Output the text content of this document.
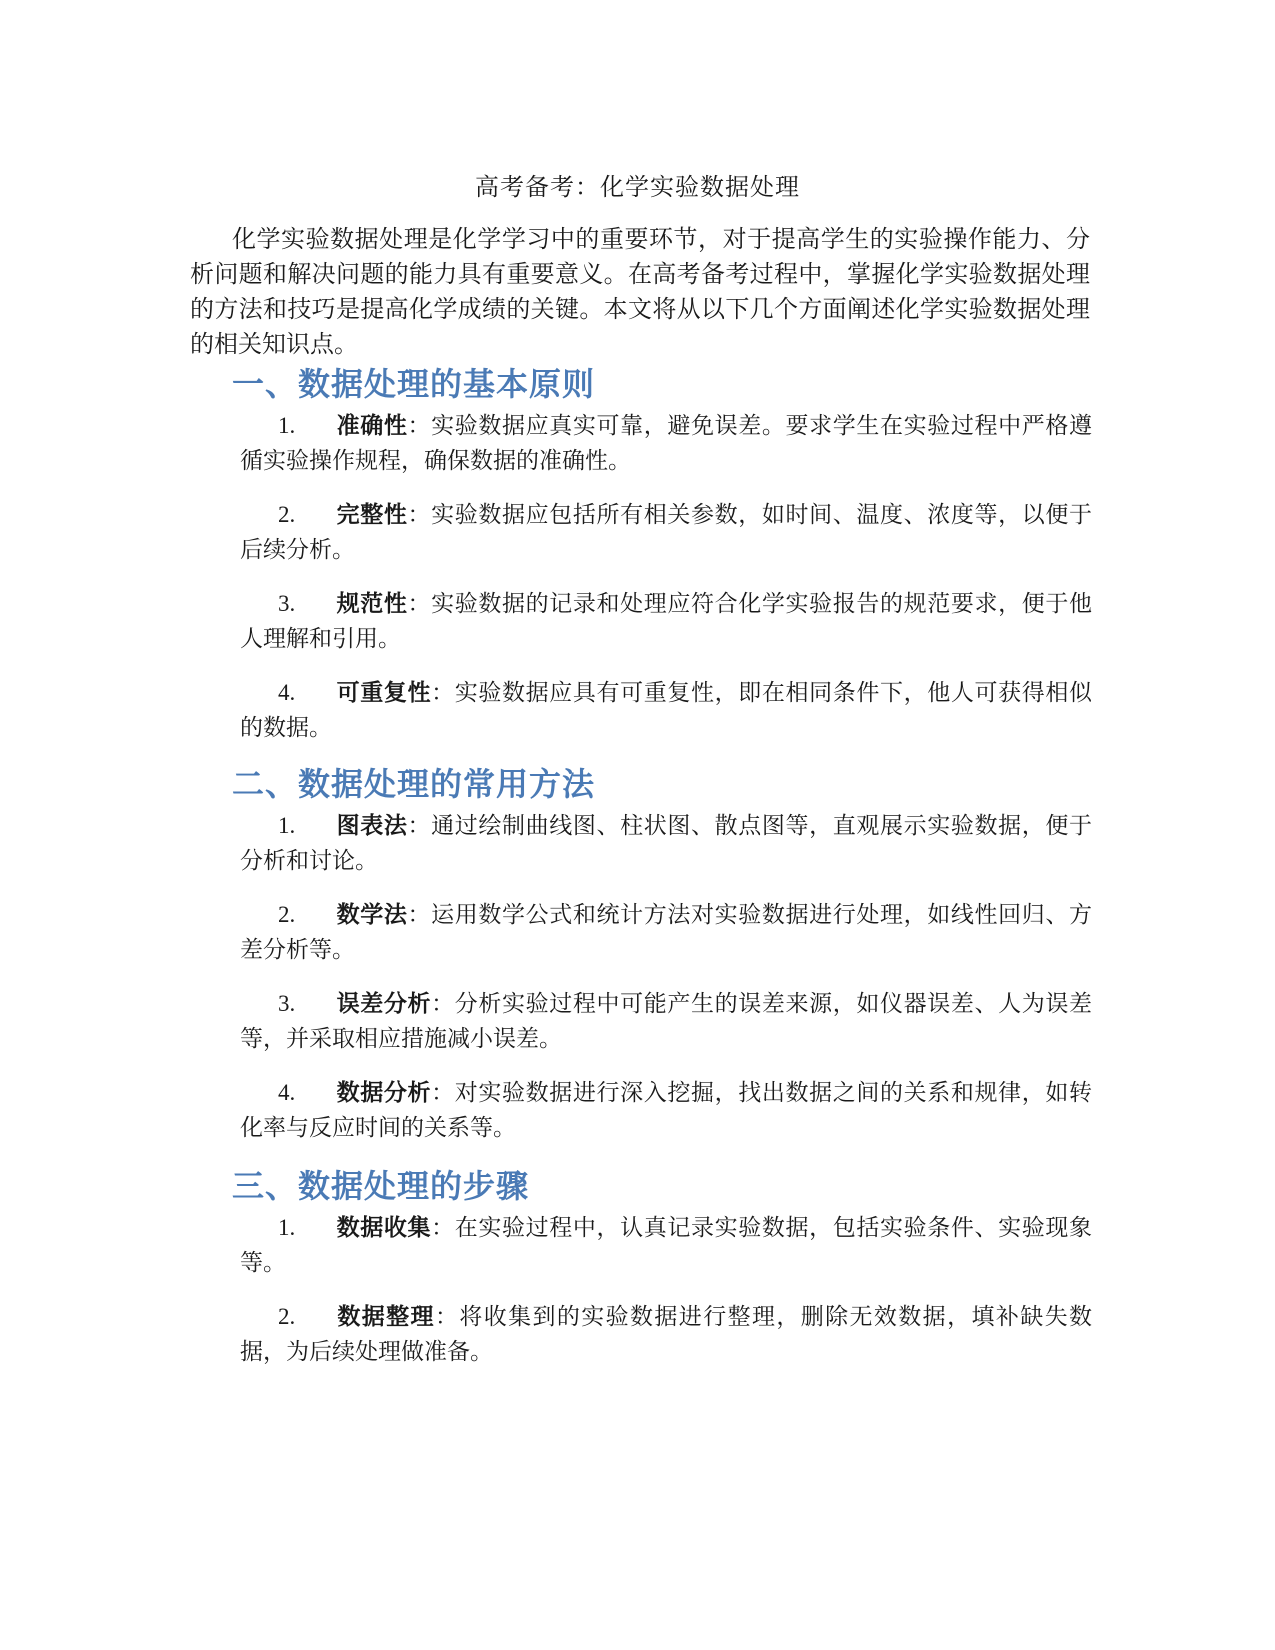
高考备考：化学实验数据处理

化学实验数据处理是化学学习中的重要环节，对于提高学生的实验操作能力、分析问题和解决问题的能力具有重要意义。在高考备考过程中，掌握化学实验数据处理的方法和技巧是提高化学成绩的关键。本文将从以下几个方面阐述化学实验数据处理的相关知识点。

一、数据处理的基本原则
1. 准确性：实验数据应真实可靠，避免误差。要求学生在实验过程中严格遵循实验操作规程，确保数据的准确性。
2. 完整性：实验数据应包括所有相关参数，如时间、温度、浓度等，以便于后续分析。
3. 规范性：实验数据的记录和处理应符合化学实验报告的规范要求，便于他人理解和引用。
4. 可重复性：实验数据应具有可重复性，即在相同条件下，他人可获得相似的数据。
二、数据处理的常用方法
1. 图表法：通过绘制曲线图、柱状图、散点图等，直观展示实验数据，便于分析和讨论。
2. 数学法：运用数学公式和统计方法对实验数据进行处理，如线性回归、方差分析等。
3. 误差分析：分析实验过程中可能产生的误差来源，如仪器误差、人为误差等，并采取相应措施减小误差。
4. 数据分析：对实验数据进行深入挖掘，找出数据之间的关系和规律，如转化率与反应时间的关系等。
三、数据处理的步骤
1. 数据收集：在实验过程中，认真记录实验数据，包括实验条件、实验现象等。
2. 数据整理：将收集到的实验数据进行整理，删除无效数据，填补缺失数据，为后续处理做准备。
